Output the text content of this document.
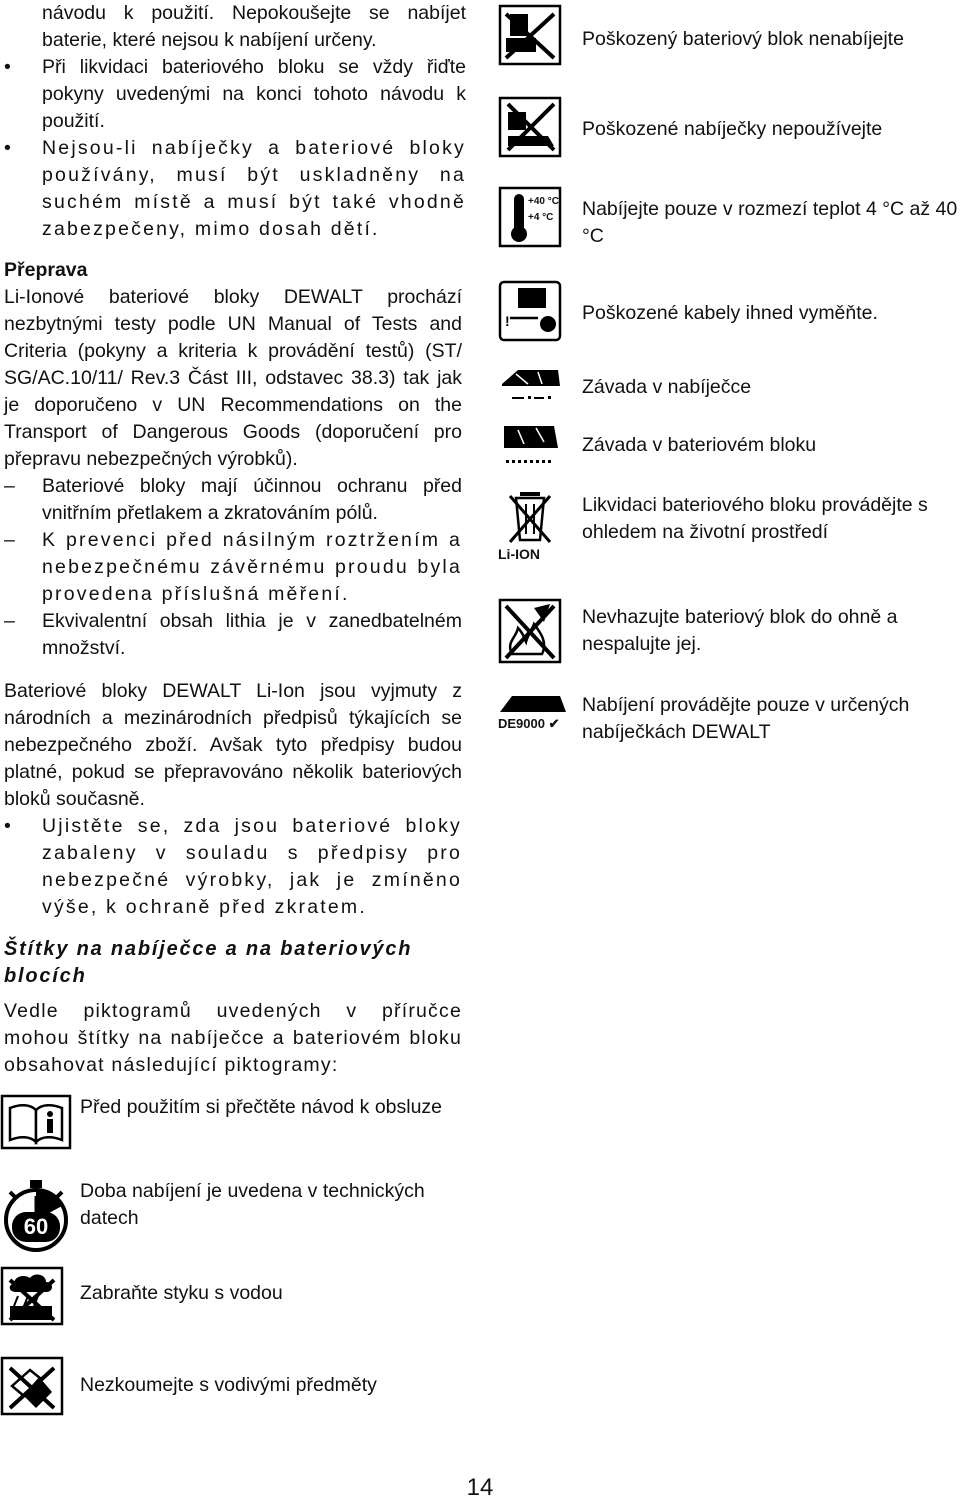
návodu k použití. Nepokoušejte se nabíjet baterie, které nejsou k nabíjení určeny.

•	Při likvidaci bateriového bloku se vždy řiďte pokyny uvedenými na konci tohoto návodu k použití.
•	Nejsou-li nabíječky a bateriové bloky používány, musí být uskladněny na suchém místě a musí být také vhodně zabezpečeny, mimo dosah dětí.

Přeprava

Li-Ionové bateriové bloky DEWALT prochází nezbytnými testy podle UN Manual of Tests and Criteria (pokyny a kriteria k provádění testů) (ST/ SG/AC.10/11/ Rev.3 Část III, odstavec 38.3) tak jak je doporučeno v UN Recommendations on the Transport of Dangerous Goods (doporučení pro přepravu nebezpečných výrobků).

–	Bateriové bloky mají účinnou ochranu před vnitřním přetlakem a zkratováním pólů.
–	K prevenci před násilným roztržením a nebezpečnému závěrnému proudu byla provedena příslušná měření.
–	Ekvivalentní obsah lithia je v zanedbatelném množství.

Bateriové bloky DEWALT Li-Ion jsou vyjmuty z národních a mezinárodních předpisů týkajících se nebezpečného zboží. Avšak tyto předpisy budou platné, pokud se přepravováno několik bateriových bloků současně.

•	Ujistěte se, zda jsou bateriové bloky zabaleny v souladu s předpisy pro nebezpečné výrobky, jak je zmíněno výše, k ochraně před zkratem.

Štítky na nabíječce a na bateriových blocích

Vedle piktogramů uvedených v příručce mohou štítky na nabíječce a bateriovém bloku obsahovat následující piktogramy:

Před použitím si přečtěte návod k obsluze
60
Doba nabíjení je uvedena v technických datech
Zabraňte styku s vodou
Nezkoumejte s vodivými předměty
Poškozený bateriový blok nenabíjejte
Poškozené nabíječky nepoužívejte
+40 °C
+4 °C Nabíjejte pouze v rozmezí teplot 4 °C až 40 °C
!	Poškozené kabely ihned vyměňte.
Závada v nabíječce
Závada v bateriovém bloku
Li-ION
Likvidaci bateriového bloku provádějte s ohledem na životní prostředí
Nevhazujte bateriový blok do ohně a nespalujte jej.
DE9000 ✔
Nabíjení provádějte pouze v určených nabíječkách DEWALT
14
